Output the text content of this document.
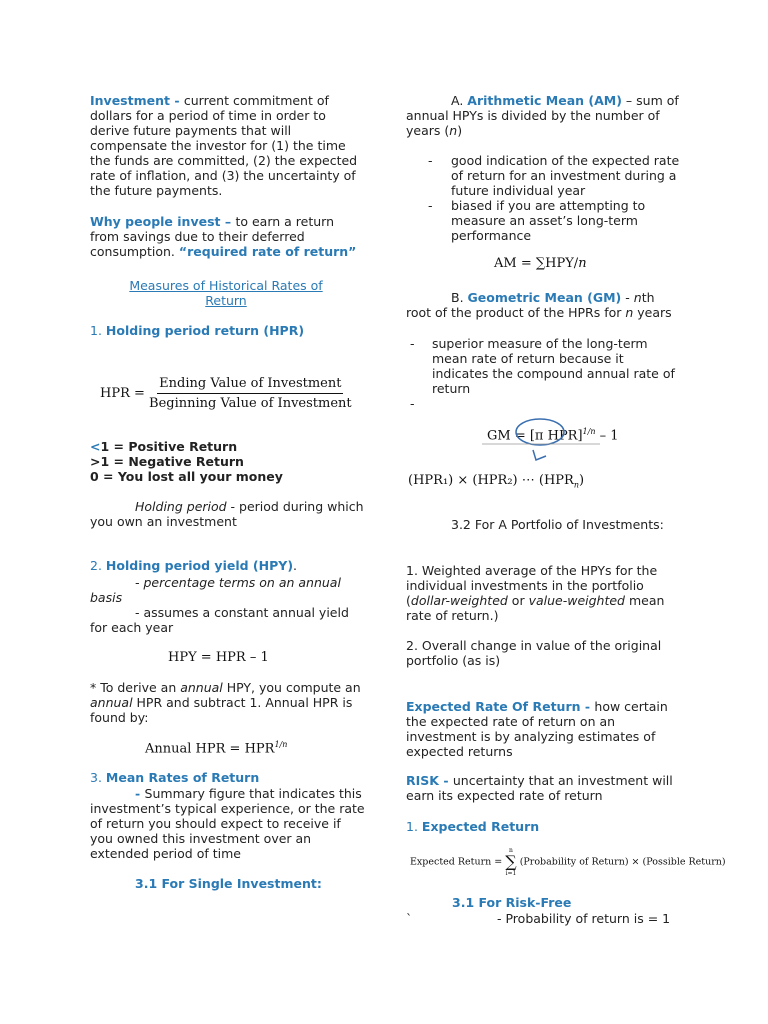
Investment - current commitment of dollars for a period of time in order to derive future payments that will compensate the investor for (1) the time the funds are committed, (2) the expected rate of inflation, and (3) the uncertainty of the future payments.
Why people invest – to earn a return from savings due to their deferred consumption. “required rate of return”
Measures of Historical Rates of Return
1. Holding period return (HPR)
HPR = $\frac{\text{Ending Value of Investment}}{\text{Beginning Value of Investment}}$
<1 = Positive Return
>1 = Negative Return
0 = You lost all your money
Holding period - period during which you own an investment
2. Holding period yield (HPY).
- percentage terms on an annual basis
- assumes a constant annual yield for each year
HPY = HPR – 1
* To derive an annual HPY, you compute an annual HPR and subtract 1. Annual HPR is found by:
Annual HPR = $HPR^{1/n}$
3. Mean Rates of Return
- Summary figure that indicates this investment’s typical experience, or the rate of return you should expect to receive if you owned this investment over an extended period of time
3.1 For Single Investment:
A. Arithmetic Mean (AM) – sum of annual HPYs is divided by the number of years (n)
- good indication of the expected rate of return for an investment during a future individual year
- biased if you are attempting to measure an asset’s long-term performance
AM = ∑HPY/n
B. Geometric Mean (GM) - nth root of the product of the HPRs for n years
- superior measure of the long-term mean rate of return because it indicates the compound annual rate of return
-

GM = [π HPR]$^{1/n}$ – 1
(HPR₁) × (HPR₂) ⋯ $(HPR_n)$
3.2 For A Portfolio of Investments:
1. Weighted average of the HPYs for the individual investments in the portfolio (dollar-weighted or value-weighted mean rate of return.)
2. Overall change in value of the original portfolio (as is)
Expected Rate Of Return - how certain the expected rate of return on an investment is by analyzing estimates of expected returns
RISK - uncertainty that an investment will earn its expected rate of return
1. Expected Return
Expected Return =
n
∑
i=1
(Probability of Return) × (Possible Return)
3.1 For Risk-Free
`	- Probability of return is = 1
